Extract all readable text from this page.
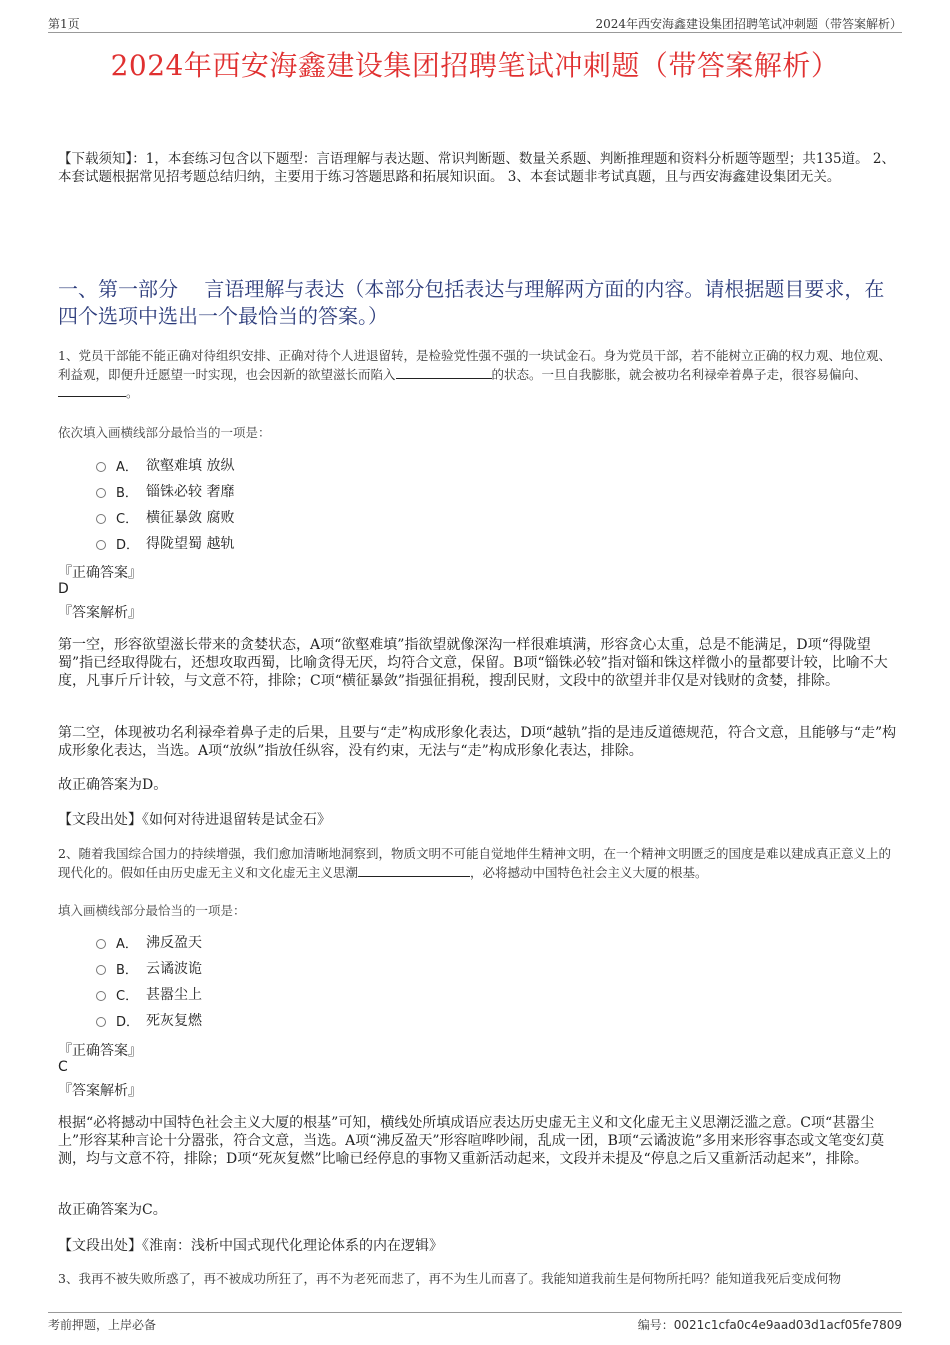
第1页	2024年西安海鑫建设集团招聘笔试冲刺题（带答案解析）
2024年西安海鑫建设集团招聘笔试冲刺题（带答案解析）
【下载须知】：1，本套练习包含以下题型：言语理解与表达题、常识判断题、数量关系题、判断推理题和资料分析题等题型；共135道。 2、本套试题根据常见招考题总结归纳，主要用于练习答题思路和拓展知识面。 3、本套试题非考试真题，且与西安海鑫建设集团无关。
一、第一部分　 言语理解与表达（本部分包括表达与理解两方面的内容。请根据题目要求，在四个选项中选出一个最恰当的答案。）
1、党员干部能不能正确对待组织安排、正确对待个人进退留转，是检验党性强不强的一块试金石。身为党员干部，若不能树立正确的权力观、地位观、利益观，即便升迁愿望一时实现，也会因新的欲望滋长而陷入	的状态。一旦自我膨胀，就会被功名利禄牵着鼻子走，很容易偏向、。
依次填入画横线部分最恰当的一项是：
A． 欲壑难填 放纵
B． 锱铢必较 奢靡
C． 横征暴敛 腐败
D． 得陇望蜀 越轨
『正确答案』
D
『答案解析』
第一空，形容欲望滋长带来的贪婪状态，A项“欲壑难填”指欲望就像深沟一样很难填满，形容贪心太重，总是不能满足，D项“得陇望蜀”指已经取得陇右，还想攻取西蜀，比喻贪得无厌，均符合文意，保留。B项“锱铢必较”指对锱和铢这样微小的量都要计较，比喻不大度，凡事斤斤计较，与文意不符，排除；C项“横征暴敛”指强征捐税，搜刮民财，文段中的欲望并非仅是对钱财的贪婪，排除。
第二空，体现被功名利禄牵着鼻子走的后果，且要与“走”构成形象化表达，D项“越轨”指的是违反道德规范，符合文意，且能够与“走”构成形象化表达，当选。A项“放纵”指放任纵容，没有约束，无法与“走”构成形象化表达，排除。
故正确答案为D。
【文段出处】《如何对待进退留转是试金石》
2、随着我国综合国力的持续增强，我们愈加清晰地洞察到，物质文明不可能自觉地伴生精神文明，在一个精神文明匮乏的国度是难以建成真正意义上的现代化的。假如任由历史虚无主义和文化虚无主义思潮	，必将撼动中国特色社会主义大厦的根基。
填入画横线部分最恰当的一项是：
A． 沸反盈天
B． 云谲波诡
C． 甚嚣尘上
D． 死灰复燃
『正确答案』
C
『答案解析』
根据“必将撼动中国特色社会主义大厦的根基”可知，横线处所填成语应表达历史虚无主义和文化虚无主义思潮泛滥之意。C项“甚嚣尘上”形容某种言论十分嚣张，符合文意，当选。A项“沸反盈天”形容喧哗吵闹，乱成一团，B项“云谲波诡”多用来形容事态或文笔变幻莫测，均与文意不符，排除；D项“死灰复燃”比喻已经停息的事物又重新活动起来，文段并未提及“停息之后又重新活动起来”，排除。
故正确答案为C。
【文段出处】《淮南：浅析中国式现代化理论体系的内在逻辑》
3、我再不被失败所惑了，再不被成功所狂了，再不为老死而悲了，再不为生儿而喜了。我能知道我前生是何物所托吗？能知道我死后变成何物
考前押题，上岸必备	编号：0021c1cfa0c4e9aad03d1acf05fe7809
